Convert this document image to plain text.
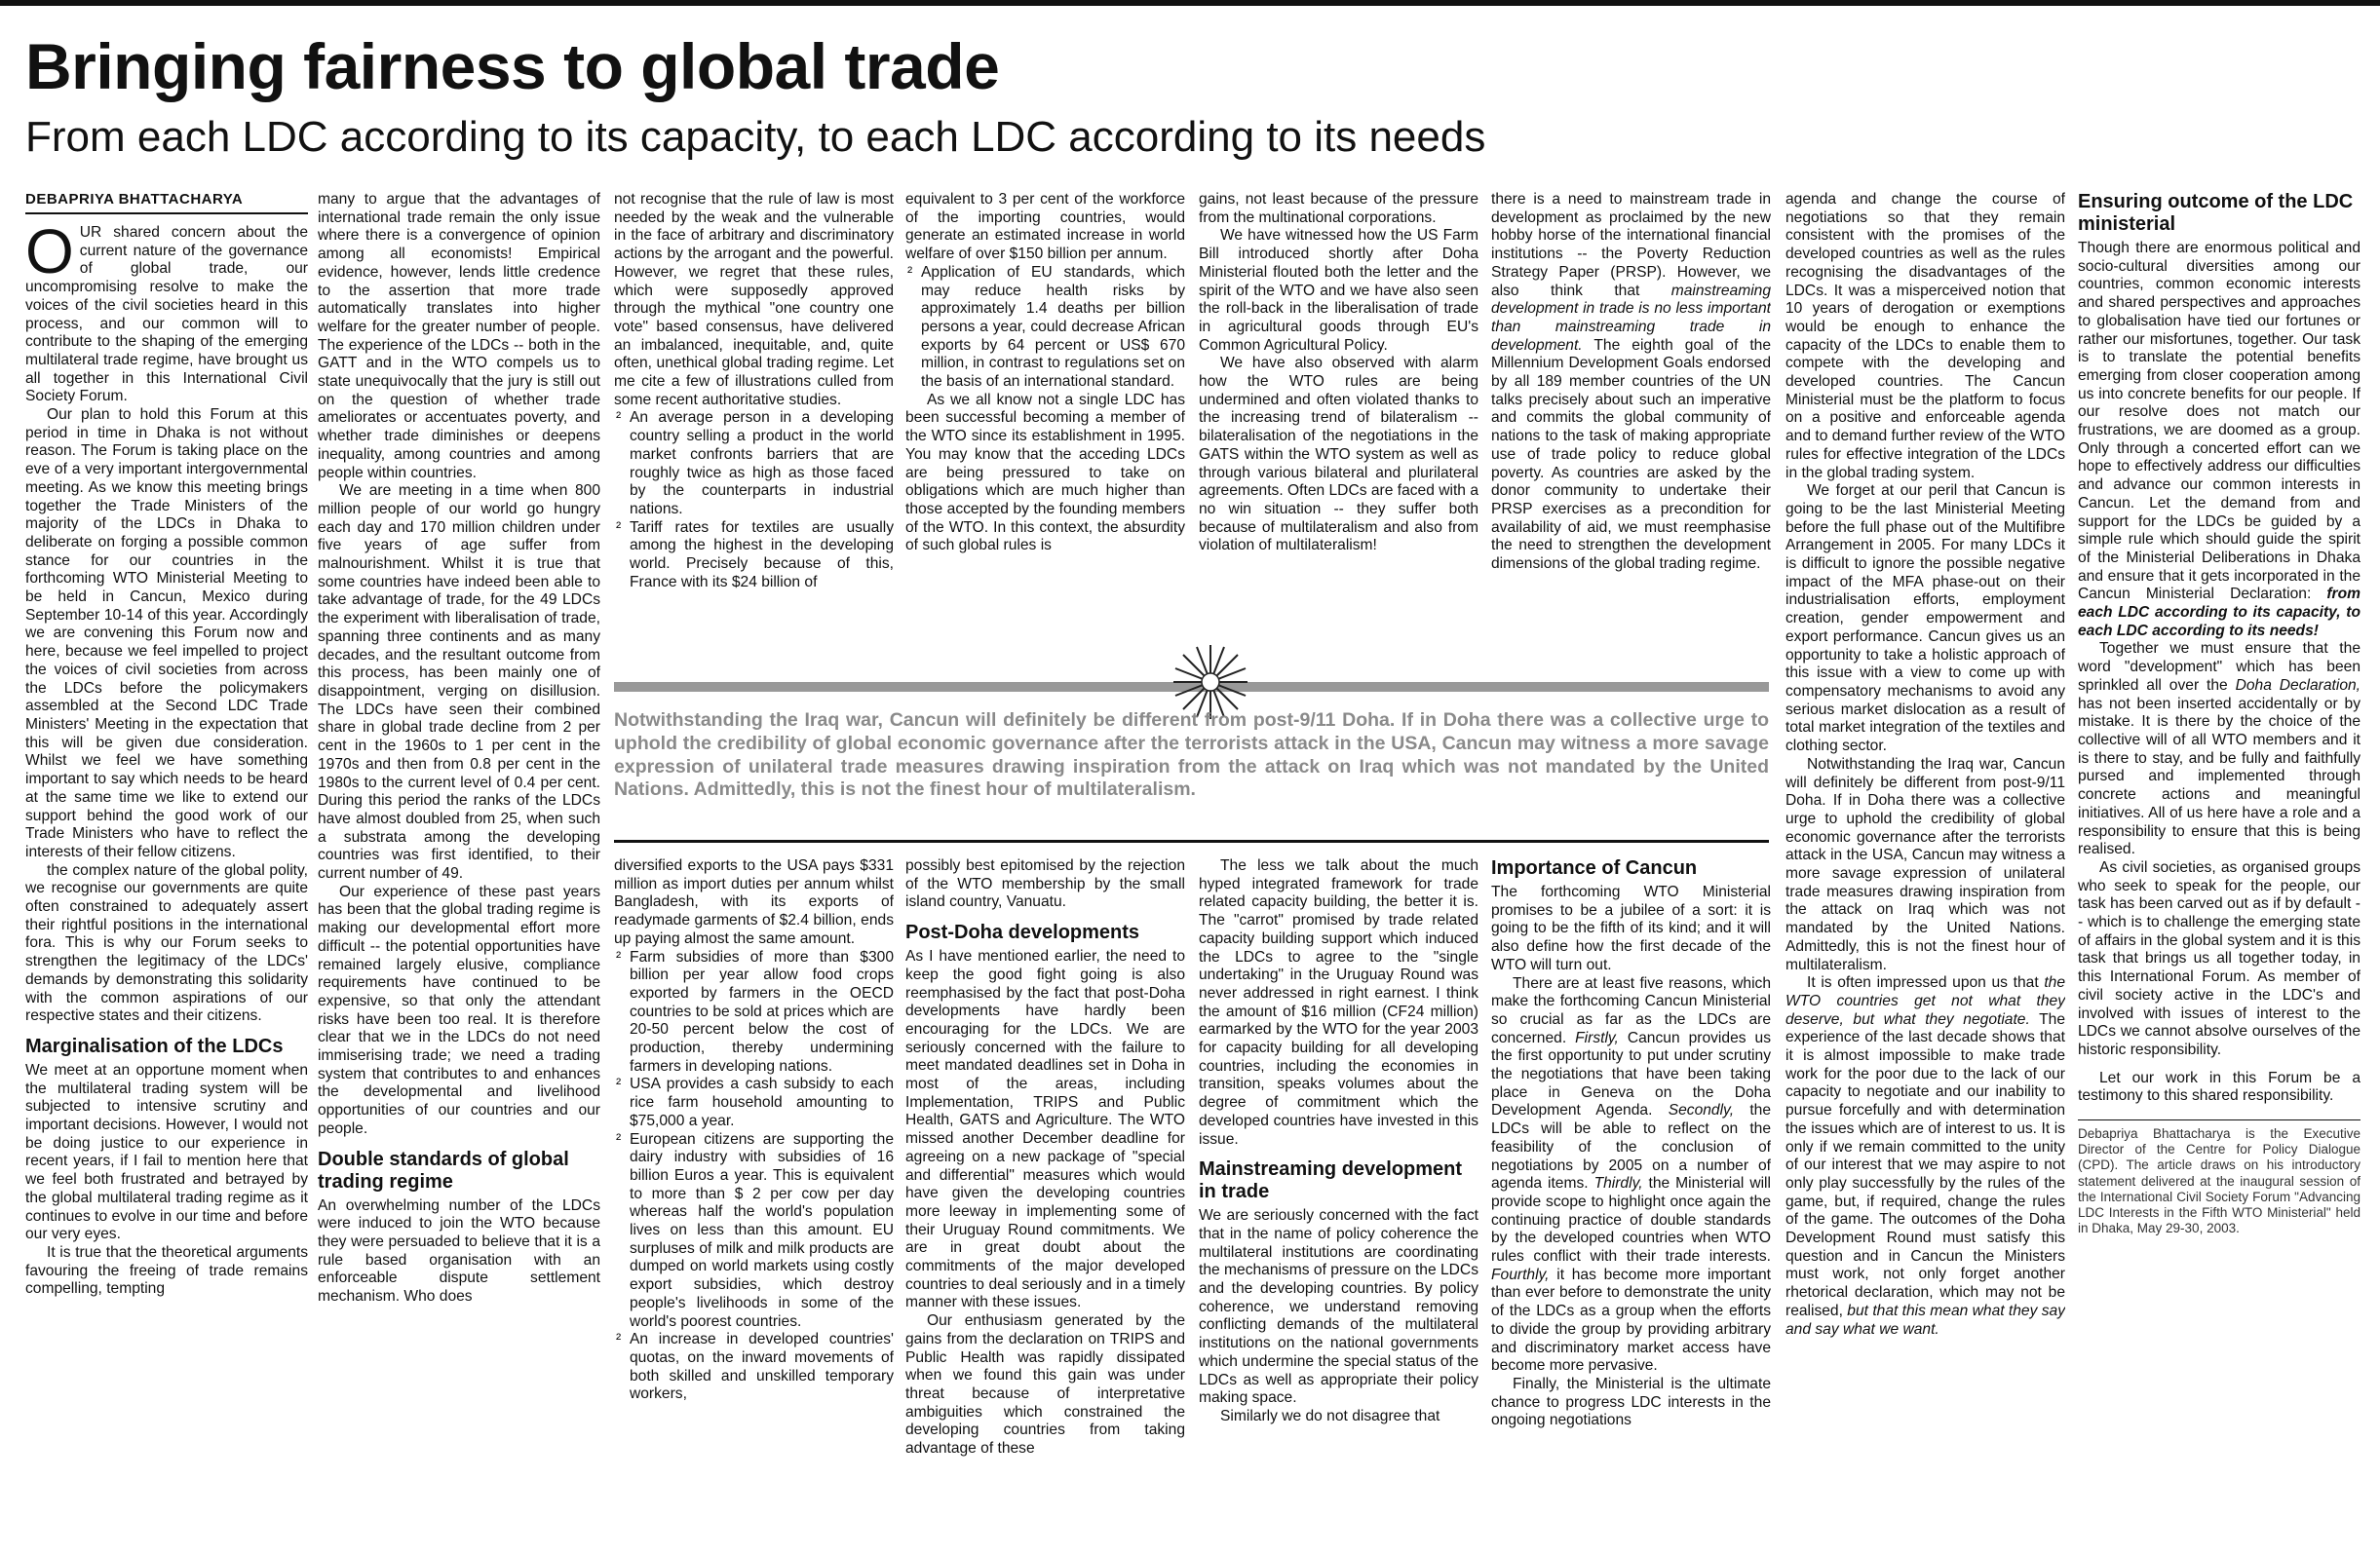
Bringing fairness to global trade
From each LDC according to its capacity, to each LDC according to its needs
DEBAPRIYA BHATTACHARYA

OUR shared concern about the current nature of the governance of global trade, our uncompromising resolve to make the voices of the civil societies heard in this process, and our common will to contribute to the shaping of the emerging multilateral trade regime, have brought us all together in this International Civil Society Forum.

Our plan to hold this Forum at this period in time in Dhaka is not without reason. The Forum is taking place on the eve of a very important intergovernmental meeting. As we know this meeting brings together the Trade Ministers of the majority of the LDCs in Dhaka to deliberate on forging a possible common stance for our countries in the forthcoming WTO Ministerial Meeting to be held in Cancun, Mexico during September 10-14 of this year. Accordingly we are convening this Forum now and here, because we feel impelled to project the voices of civil societies from across the LDCs before the policymakers assembled at the Second LDC Trade Ministers' Meeting in the expectation that this will be given due consideration. Whilst we feel we have something important to say which needs to be heard at the same time we like to extend our support behind the good work of our Trade Ministers who have to reflect the interests of their fellow citizens.

the complex nature of the global polity, we recognise our governments are quite often constrained to adequately assert their rightful positions in the international fora. This is why our Forum seeks to strengthen the legitimacy of the LDCs' demands by demonstrating this solidarity with the common aspirations of our respective states and their citizens.

Marginalisation of the LDCs

We meet at an opportune moment when the multilateral trading system will be subjected to intensive scrutiny and important decisions. However, I would not be doing justice to our experience in recent years, if I fail to mention here that we feel both frustrated and betrayed by the global multilateral trading regime as it continues to evolve in our time and before our very eyes.

It is true that the theoretical arguments favouring the freeing of trade remains compelling, tempting

many to argue that the advantages of international trade remain the only issue where there is a convergence of opinion among all economists! Empirical evidence, however, lends little credence to the assertion that more trade automatically translates into higher welfare for the greater number of people. The experience of the LDCs -- both in the GATT and in the WTO compels us to state unequivocally that the jury is still out on the question of whether trade ameliorates or accentuates poverty, and whether trade diminishes or deepens inequality, among countries and among people within countries.

We are meeting in a time when 800 million people of our world go hungry each day and 170 million children under five years of age suffer from malnourishment. Whilst it is true that some countries have indeed been able to take advantage of trade, for the 49 LDCs the experiment with liberalisation of trade, spanning three continents and as many decades, and the resultant outcome from this process, has been mainly one of disappointment, verging on disillusion. The LDCs have seen their combined share in global trade decline from 2 per cent in the 1960s to 1 per cent in the 1970s and then from 0.8 per cent in the 1980s to the current level of 0.4 per cent. During this period the ranks of the LDCs have almost doubled from 25, when such a substrata among the developing countries was first identified, to their current number of 49.

Our experience of these past years has been that the global trading regime is making our developmental effort more difficult -- the potential opportunities have remained largely elusive, compliance requirements have continued to be expensive, so that only the attendant risks have been too real. It is therefore clear that we in the LDCs do not need immiserising trade; we need a trading system that contributes to and enhances the developmental and livelihood opportunities of our countries and our people.

Double standards of global trading regime

An overwhelming number of the LDCs were induced to join the WTO because they were persuaded to believe that it is a rule based organisation with an enforceable dispute settlement mechanism. Who does

not recognise that the rule of law is most needed by the weak and the vulnerable in the face of arbitrary and discriminatory actions by the arrogant and the powerful. However, we regret that these rules, which were supposedly approved through the mythical "one country one vote" based consensus, have delivered an imbalanced, inequitable, and, quite often, unethical global trading regime. Let me cite a few of illustrations culled from some recent authoritative studies.

² An average person in a developing country selling a product in the world market confronts barriers that are roughly twice as high as those faced by the counterparts in industrial nations.

² Tariff rates for textiles are usually among the highest in the developing world. Precisely because of this, France with its $24 billion of

equivalent to 3 per cent of the workforce of the importing countries, would generate an estimated increase in world welfare of over $150 billion per annum.

² Application of EU standards, which may reduce health risks by approximately 1.4 deaths per billion persons a year, could decrease African exports by 64 percent or US$ 670 million, in contrast to regulations set on the basis of an international standard.

As we all know not a single LDC has been successful becoming a member of the WTO since its establishment in 1995. You may know that the acceding LDCs are being pressured to take on obligations which are much higher than those accepted by the founding members of the WTO. In this context, the absurdity of such global rules is

gains, not least because of the pressure from the multinational corporations.

We have witnessed how the US Farm Bill introduced shortly after Doha Ministerial flouted both the letter and the spirit of the WTO and we have also seen the roll-back in the liberalisation of trade in agricultural goods through EU's Common Agricultural Policy.

We have also observed with alarm how the WTO rules are being undermined and often violated thanks to the increasing trend of bilateralism -- bilateralisation of the negotiations in the GATS within the WTO system as well as through various bilateral and plurilateral agreements. Often LDCs are faced with a no win situation -- they suffer both because of multilateralism and also from violation of multilateralism!

there is a need to mainstream trade in development as proclaimed by the new hobby horse of the international financial institutions -- the Poverty Reduction Strategy Paper (PRSP). However, we also think that mainstreaming development in trade is no less important than mainstreaming trade in development. The eighth goal of the Millennium Development Goals endorsed by all 189 member countries of the UN talks precisely about such an imperative and commits the global community of nations to the task of making appropriate use of trade policy to reduce global poverty. As countries are asked by the donor community to undertake their PRSP exercises as a precondition for availability of aid, we must reemphasise the need to strengthen the development dimensions of the global trading regime.

Notwithstanding the Iraq war, Cancun will definitely be different from post-9/11 Doha. If in Doha there was a collective urge to uphold the credibility of global economic governance after the terrorists attack in the USA, Cancun may witness a more savage expression of unilateral trade measures drawing inspiration from the attack on Iraq which was not mandated by the United Nations. Admittedly, this is not the finest hour of multilateralism.

diversified exports to the USA pays $331 million as import duties per annum whilst Bangladesh, with its exports of readymade garments of $2.4 billion, ends up paying almost the same amount.

² Farm subsidies of more than $300 billion per year allow food crops exported by farmers in the OECD countries to be sold at prices which are 20-50 percent below the cost of production, thereby undermining farmers in developing nations.

² USA provides a cash subsidy to each rice farm household amounting to $75,000 a year.

² European citizens are supporting the dairy industry with subsidies of 16 billion Euros a year. This is equivalent to more than $ 2 per cow per day whereas half the world's population lives on less than this amount. EU surpluses of milk and milk products are dumped on world markets using costly export subsidies, which destroy people's livelihoods in some of the world's poorest countries.

² An increase in developed countries' quotas, on the inward movements of both skilled and unskilled temporary workers,

possibly best epitomised by the rejection of the WTO membership by the small island country, Vanuatu.

Post-Doha developments

As I have mentioned earlier, the need to keep the good fight going is also reemphasised by the fact that post-Doha developments have hardly been encouraging for the LDCs. We are seriously concerned with the failure to meet mandated deadlines set in Doha in most of the areas, including Implementation, TRIPS and Public Health, GATS and Agriculture. The WTO missed another December deadline for agreeing on a new package of "special and differential" measures which would have given the developing countries more leeway in implementing some of their Uruguay Round commitments. We are in great doubt about the commitments of the major developed countries to deal seriously and in a timely manner with these issues.

Our enthusiasm generated by the gains from the declaration on TRIPS and Public Health was rapidly dissipated when we found this gain was under threat because of interpretative ambiguities which constrained the developing countries from taking advantage of these

The less we talk about the much hyped integrated framework for trade related capacity building, the better it is. The "carrot" promised by trade related capacity building support which induced the LDCs to agree to the "single undertaking" in the Uruguay Round was never addressed in right earnest. I think the amount of $16 million (CF24 million) earmarked by the WTO for the year 2003 for capacity building for all developing countries, including the economies in transition, speaks volumes about the degree of commitment which the developed countries have invested in this issue.

Mainstreaming development in trade

We are seriously concerned with the fact that in the name of policy coherence the multilateral institutions are coordinating the mechanisms of pressure on the LDCs and the developing countries. By policy coherence, we understand removing conflicting demands of the multilateral institutions on the national governments which undermine the special status of the LDCs as well as appropriate their policy making space.

Similarly we do not disagree that

Importance of Cancun

The forthcoming WTO Ministerial promises to be a jubilee of a sort: it is going to be the fifth of its kind; and it will also define how the first decade of the WTO will turn out.

There are at least five reasons, which make the forthcoming Cancun Ministerial so crucial as far as the LDCs are concerned. Firstly, Cancun provides us the first opportunity to put under scrutiny the negotiations that have been taking place in Geneva on the Doha Development Agenda. Secondly, the LDCs will be able to reflect on the feasibility of the conclusion of negotiations by 2005 on a number of agenda items. Thirdly, the Ministerial will provide scope to highlight once again the continuing practice of double standards by the developed countries when WTO rules conflict with their trade interests. Fourthly, it has become more important than ever before to demonstrate the unity of the LDCs as a group when the efforts to divide the group by providing arbitrary and discriminatory market access have become more pervasive.

Finally, the Ministerial is the ultimate chance to progress LDC interests in the ongoing negotiations

agenda and change the course of negotiations so that they remain consistent with the promises of the developed countries as well as the rules recognising the disadvantages of the LDCs. It was a misperceived notion that 10 years of derogation or exemptions would be enough to enhance the capacity of the LDCs to enable them to compete with the developing and developed countries. The Cancun Ministerial must be the platform to focus on a positive and enforceable agenda and to demand further review of the WTO rules for effective integration of the LDCs in the global trading system.

We forget at our peril that Cancun is going to be the last Ministerial Meeting before the full phase out of the Multifibre Arrangement in 2005. For many LDCs it is difficult to ignore the possible negative impact of the MFA phase-out on their industrialisation efforts, employment creation, gender empowerment and export performance. Cancun gives us an opportunity to take a holistic approach of this issue with a view to come up with compensatory mechanisms to avoid any serious market dislocation as a result of total market integration of the textiles and clothing sector.

Notwithstanding the Iraq war, Cancun will definitely be different from post-9/11 Doha. If in Doha there was a collective urge to uphold the credibility of global economic governance after the terrorists attack in the USA, Cancun may witness a more savage expression of unilateral trade measures drawing inspiration from the attack on Iraq which was not mandated by the United Nations. Admittedly, this is not the finest hour of multilateralism.

It is often impressed upon us that the WTO countries get not what they deserve, but what they negotiate. The experience of the last decade shows that it is almost impossible to make trade work for the poor due to the lack of our capacity to negotiate and our inability to pursue forcefully and with determination the issues which are of interest to us. It is only if we remain committed to the unity of our interest that we may aspire to not only play successfully by the rules of the game, but, if required, change the rules of the game. The outcomes of the Doha Development Round must satisfy this question and in Cancun the Ministers must work, not only forget another rhetorical declaration, which may not be realised, but that this mean what they say and say what we want.

Ensuring outcome of the LDC ministerial

Though there are enormous political and socio-cultural diversities among our countries, common economic interests and shared perspectives and approaches to globalisation have tied our fortunes or rather our misfortunes, together. Our task is to translate the potential benefits emerging from closer cooperation among us into concrete benefits for our people. If our resolve does not match our frustrations, we are doomed as a group. Only through a concerted effort can we hope to effectively address our difficulties and advance our common interests in Cancun. Let the demand from and support for the LDCs be guided by a simple rule which should guide the spirit of the Ministerial Deliberations in Dhaka and ensure that it gets incorporated in the Cancun Ministerial Declaration: from each LDC according to its capacity, to each LDC according to its needs!

Together we must ensure that the word "development" which has been sprinkled all over the Doha Declaration, has not been inserted accidentally or by mistake. It is there by the choice of the collective will of all WTO members and it is there to stay, and be fully and faithfully pursed and implemented through concrete actions and meaningful initiatives. All of us here have a role and a responsibility to ensure that this is being realised.

As civil societies, as organised groups who seek to speak for the people, our task has been carved out as if by default -- which is to challenge the emerging state of affairs in the global system and it is this task that brings us all together today, in this International Forum. As member of civil society active in the LDC's and involved with issues of interest to the LDCs we cannot absolve ourselves of the historic responsibility.

Let our work in this Forum be a testimony to this shared responsibility.

Debapriya Bhattacharya is the Executive Director of the Centre for Policy Dialogue (CPD). The article draws on his introductory statement delivered at the inaugural session of the International Civil Society Forum "Advancing LDC Interests in the Fifth WTO Ministerial" held in Dhaka, May 29-30, 2003.
